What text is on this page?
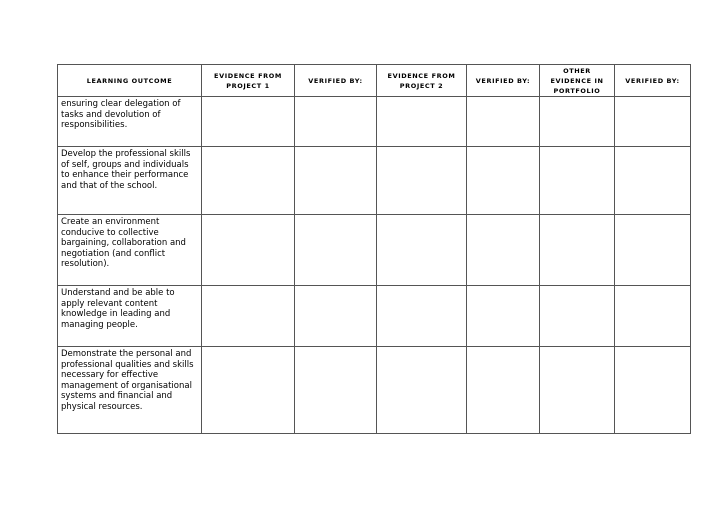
LEARNING OUTCOME	EVIDENCE FROM PROJECT 1	VERIFIED BY:	EVIDENCE FROM PROJECT 2	VERIFIED BY:	OTHER EVIDENCE IN PORTFOLIO	VERIFIED BY:
ensuring clear delegation of tasks and devolution of responsibilities.						
Develop the professional skills of self, groups and individuals to enhance their performance and that of the school.						
Create an environment conducive to collective bargaining, collaboration and negotiation (and conflict resolution).						
Understand and be able to apply relevant content knowledge in leading and managing people.						
Demonstrate the personal and professional qualities and skills necessary for effective management of organisational systems and financial and physical resources.						
